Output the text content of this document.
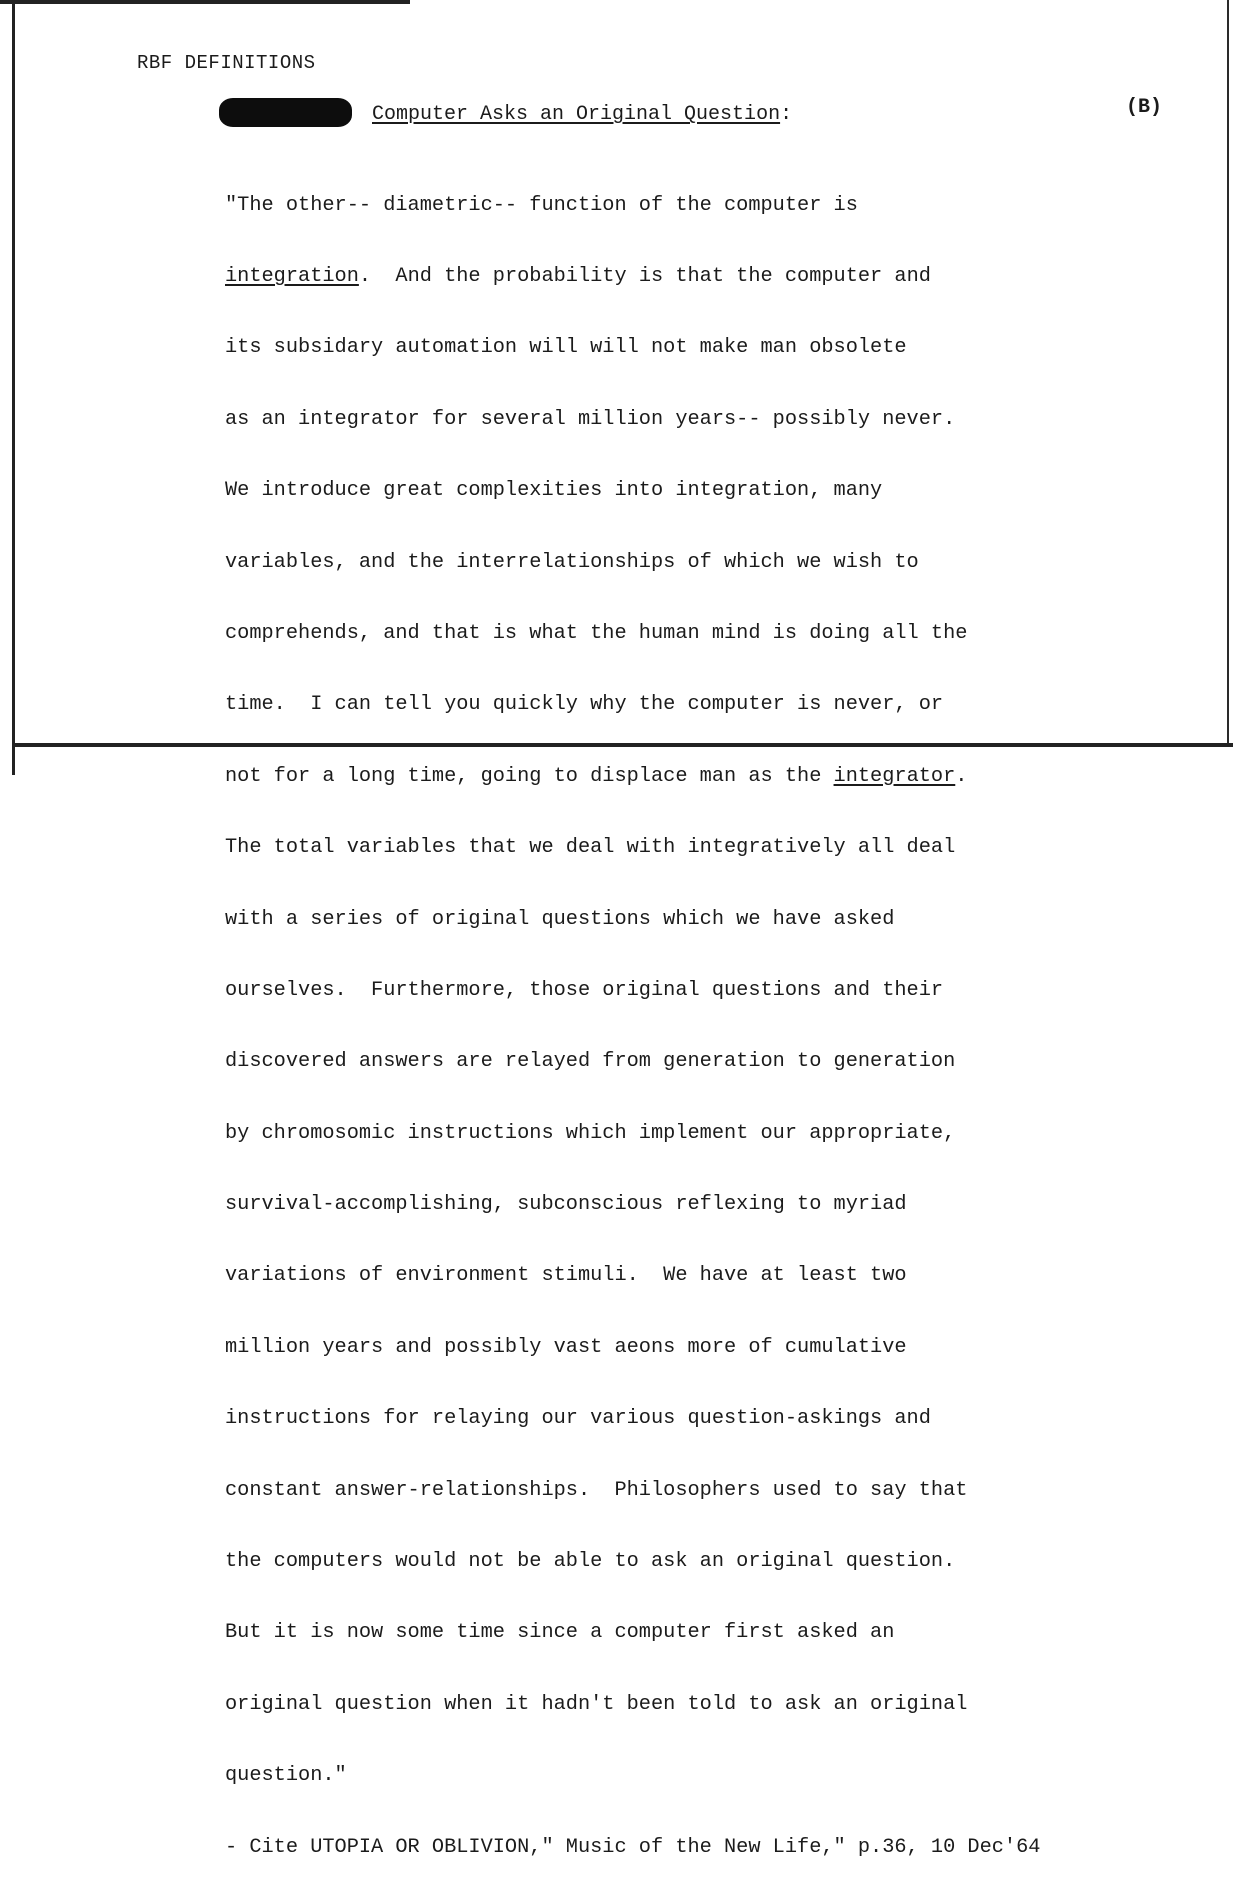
RBF DEFINITIONS
Computer Asks an Original Question:	(B)

"The other-- diametric-- function of the computer is

integration.  And the probability is that the computer and

its subsidary automation will will not make man obsolete

as an integrator for several million years-- possibly never.

We introduce great complexities into integration, many

variables, and the interrelationships of which we wish to

comprehends, and that is what the human mind is doing all the

time.  I can tell you quickly why the computer is never, or

not for a long time, going to displace man as the integrator.

The total variables that we deal with integratively all deal

with a series of original questions which we have asked

ourselves.  Furthermore, those original questions and their

discovered answers are relayed from generation to generation

by chromosomic instructions which implement our appropriate,

survival-accomplishing, subconscious reflexing to myriad

variations of environment stimuli.  We have at least two

million years and possibly vast aeons more of cumulative

instructions for relaying our various question-askings and

constant answer-relationships.  Philosophers used to say that

the computers would not be able to ask an original question.

But it is now some time since a computer first asked an

original question when it hadn't been told to ask an original

question."

- Cite UTOPIA OR OBLIVION," Music of the New Life," p.36, 10 Dec'64
